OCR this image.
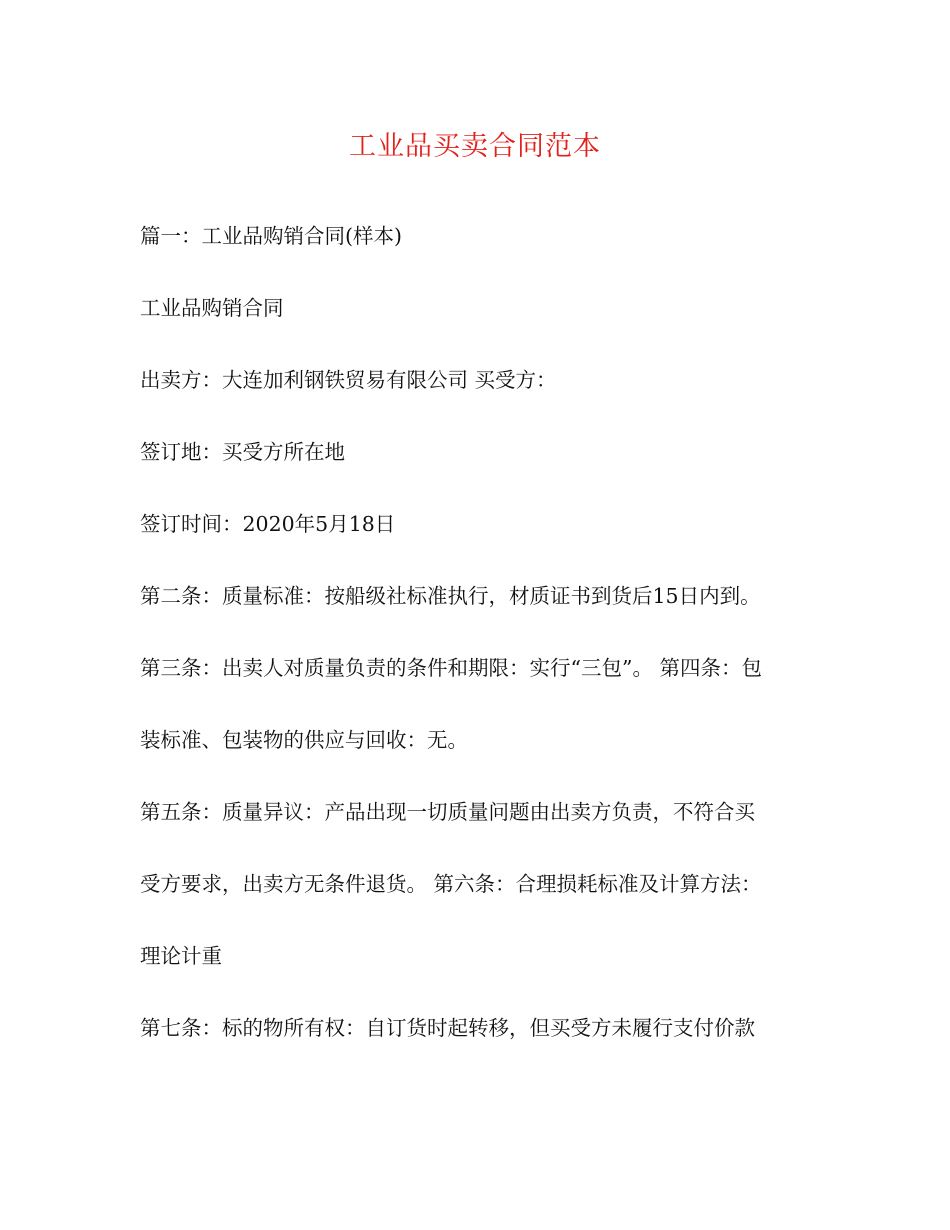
工业品买卖合同范本
篇一：工业品购销合同(样本)
工业品购销合同
出卖方：大连加利钢铁贸易有限公司 买受方：
签订地：买受方所在地
签订时间：2020年5月18日
第二条：质量标准：按船级社标准执行，材质证书到货后15日内到。
第三条：出卖人对质量负责的条件和期限：实行“三包”。 第四条：包
装标准、包装物的供应与回收：无。
第五条：质量异议：产品出现一切质量问题由出卖方负责，不符合买
受方要求，出卖方无条件退货。 第六条：合理损耗标准及计算方法：
理论计重
第七条：标的物所有权：自订货时起转移，但买受方未履行支付价款
